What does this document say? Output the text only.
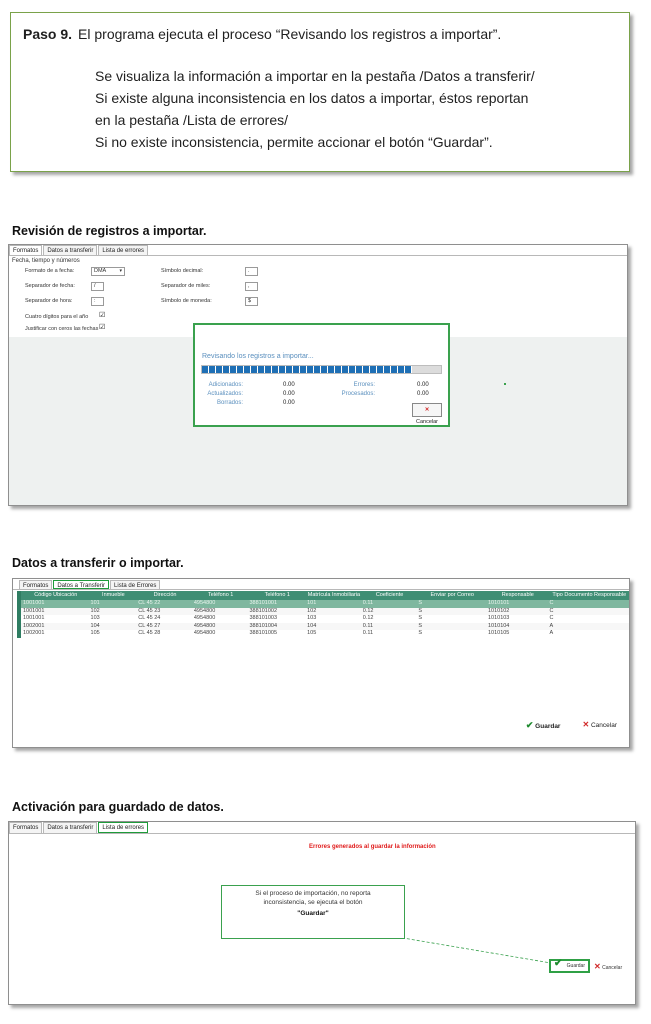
Paso 9. El programa ejecuta el proceso “Revisando los registros a importar”.
Se visualiza la información a importar en la pestaña /Datos a transferir/
Si existe alguna inconsistencia en los datos a importar, éstos reportan
en la pestaña /Lista de errores/
Si no existe inconsistencia, permite accionar el botón “Guardar”.
Revisión de registros a importar.
Formatos	Datos a transferir	Lista de errores
Fecha, tiempo y números
Formato de a fecha:	DMA	▾
Separador de fecha:	/
Separador de hora:	:
Cuatro dígitos para el año ☑
Justificar con ceros las fechas ☑
Símbolo decimal:	.
Separador de miles:	,
Símbolo de moneda:	$
Revisando los registros a importar...
Adicionados:	0.00
Actualizados:	0.00
Borrados:	0.00
Errores:	0.00
Procesados:	0.00
✕ Cancelar
Datos a transferir o importar.
Formatos	Datos a Transferir	Lista de Errores
Código Ubicación	Inmueble	Dirección	Teléfono 1	Teléfono 1	Matrícula Inmobiliaria	Coeficiente	Enviar por Correo	Responsable	Tipo Documento Responsable
1001001	101	CL 45 22	4954800	388101001	101	0.11	S	1010101	C
1001001	102	CL 45 23	4954800	388101002	102	0.12	S	1010102	C
1001001	103	CL 45 24	4954800	388101003	103	0.12	S	1010103	C
1002001	104	CL 45 27	4954800	388101004	104	0.11	S	1010104	A
1002001	105	CL 45 28	4954800	388101005	105	0.11	S	1010105	A
✔ Guardar	✕ Cancelar
Activación para guardado de datos.
Formatos	Datos a transferir	Lista de errores
Errores generados al guardar la información
Si el proceso de importación, no reporta
inconsistencia, se ejecuta el botón
"Guardar"
✔ Guardar	✕ Cancelar
